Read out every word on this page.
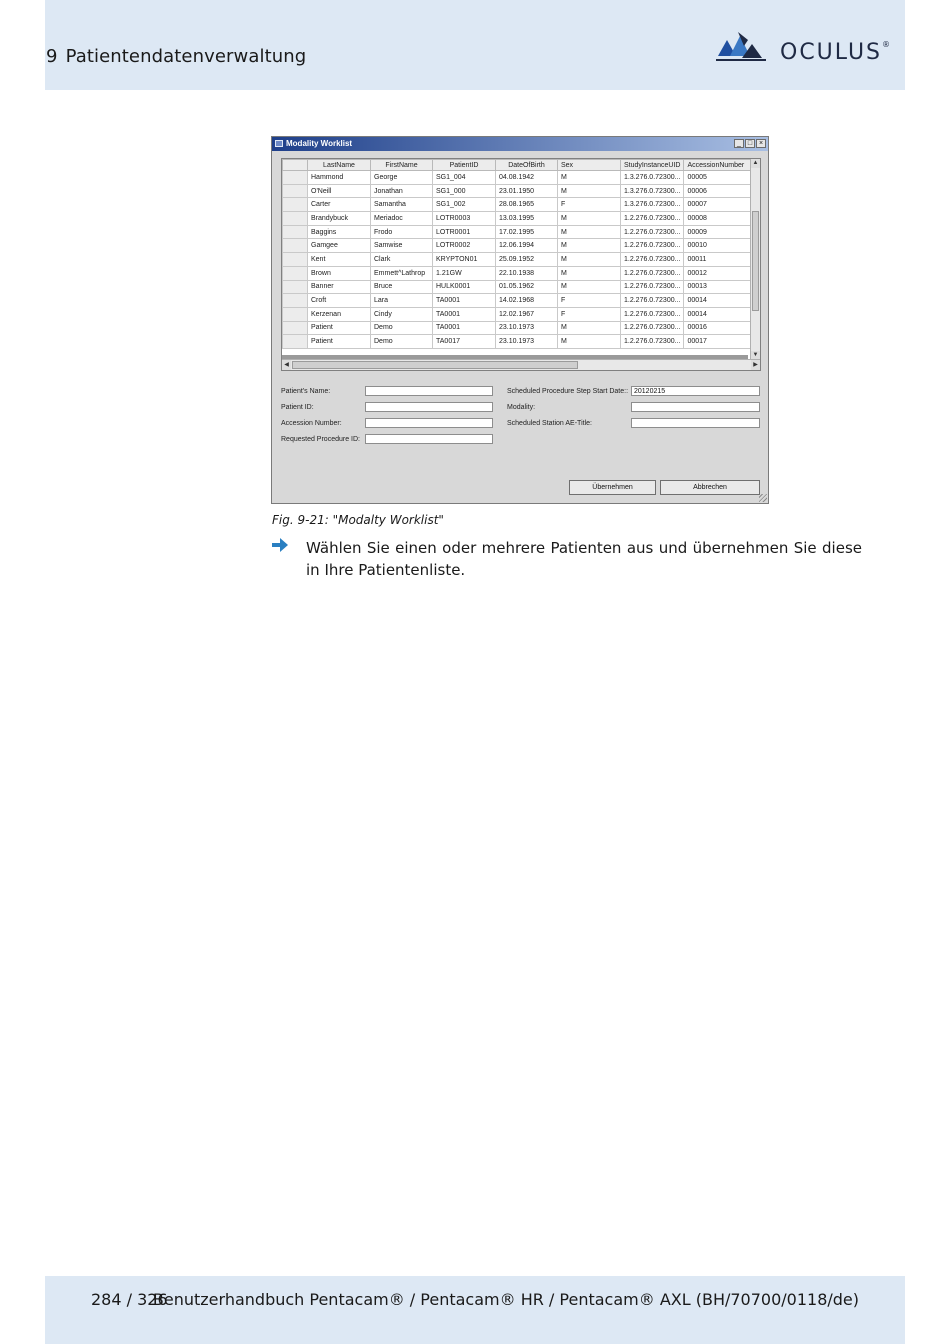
9 Patientendatenverwaltung	OCULUS®
Modality Worklist	_ □ ×
	LastName	FirstName	PatientID	DateOfBirth	Sex	StudyInstanceUID	AccessionNumber
	Hammond	George	SG1_004	04.08.1942	M	1.3.276.0.72300...	00005
	O'Neill	Jonathan	SG1_000	23.01.1950	M	1.3.276.0.72300...	00006
	Carter	Samantha	SG1_002	28.08.1965	F	1.3.276.0.72300...	00007
	Brandybuck	Meriadoc	LOTR0003	13.03.1995	M	1.2.276.0.72300...	00008
	Baggins	Frodo	LOTR0001	17.02.1995	M	1.2.276.0.72300...	00009
	Gamgee	Samwise	LOTR0002	12.06.1994	M	1.2.276.0.72300...	00010
	Kent	Clark	KRYPTON01	25.09.1952	M	1.2.276.0.72300...	00011
	Brown	Emmett^Lathrop	1.21GW	22.10.1938	M	1.2.276.0.72300...	00012
	Banner	Bruce	HULK0001	01.05.1962	M	1.2.276.0.72300...	00013
	Croft	Lara	TA0001	14.02.1968	F	1.2.276.0.72300...	00014
	Kerzenan	Cindy	TA0001	12.02.1967	F	1.2.276.0.72300...	00014
	Patient	Demo	TA0001	23.10.1973	M	1.2.276.0.72300...	00016
	Patient	Demo	TA0017	23.10.1973	M	1.2.276.0.72300...	00017
▲
▼
◀	▶
Patient's Name:
Patient ID:
Accession Number:
Requested Procedure ID:
Scheduled Procedure Step Start Date::
20120215
Modality:
Scheduled Station AE-Title:
Übernehmen	Abbrechen
Fig. 9-21: "Modalty Worklist"
Wählen Sie einen oder mehrere Patienten aus und übernehmen Sie diese in Ihre Patientenliste.
284 / 326
Benutzerhandbuch Pentacam® / Pentacam® HR / Pentacam® AXL (BH/70700/0118/de)
